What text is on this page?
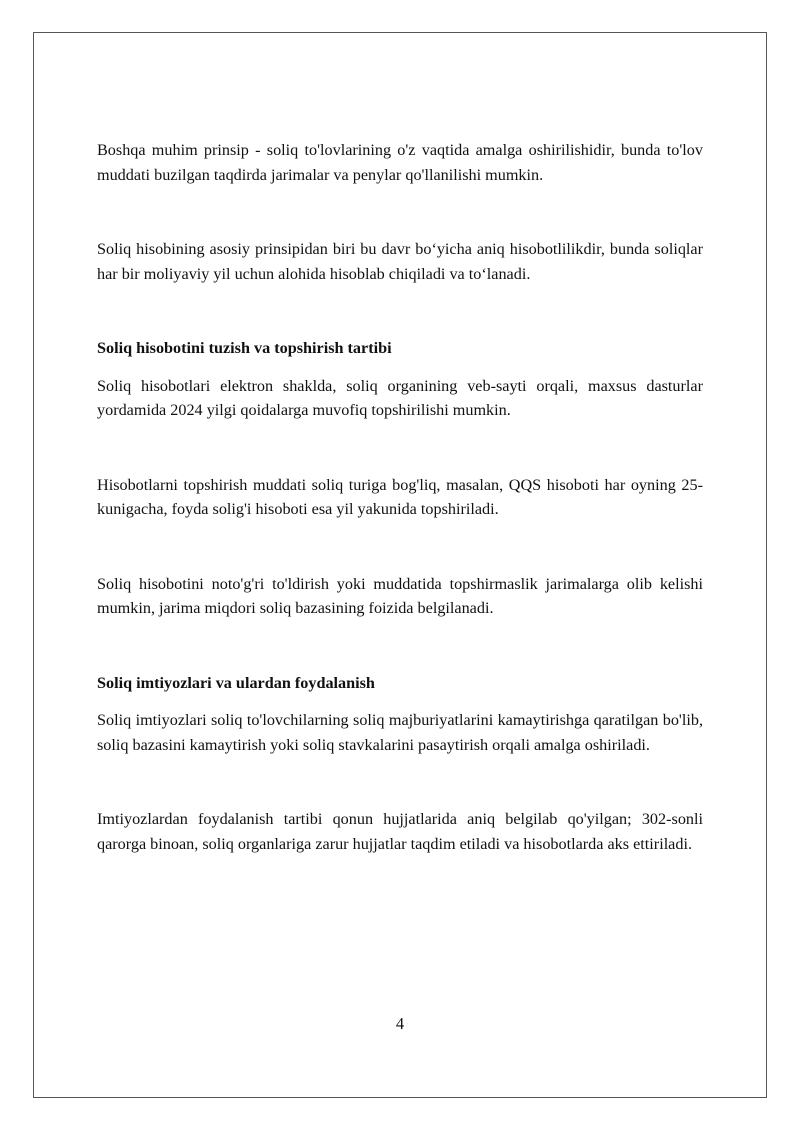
Boshqa muhim prinsip - soliq to'lovlarining o'z vaqtida amalga oshirilishidir, bunda to'lov muddati buzilgan taqdirda jarimalar va penylar qo'llanilishi mumkin.

Soliq hisobining asosiy prinsipidan biri bu davr bo‘yicha aniq hisobotlilikdir, bunda soliqlar har bir moliyaviy yil uchun alohida hisoblab chiqiladi va to‘lanadi.

Soliq hisobotini tuzish va topshirish tartibi

Soliq hisobotlari elektron shaklda, soliq organining veb-sayti orqali, maxsus dasturlar yordamida 2024 yilgi qoidalarga muvofiq topshirilishi mumkin.

Hisobotlarni topshirish muddati soliq turiga bog'liq, masalan, QQS hisoboti har oyning 25-kunigacha, foyda solig'i hisoboti esa yil yakunida topshiriladi.

Soliq hisobotini noto'g'ri to'ldirish yoki muddatida topshirmaslik jarimalarga olib kelishi mumkin, jarima miqdori soliq bazasining foizida belgilanadi.

Soliq imtiyozlari va ulardan foydalanish

Soliq imtiyozlari soliq to'lovchilarning soliq majburiyatlarini kamaytirishga qaratilgan bo'lib, soliq bazasini kamaytirish yoki soliq stavkalarini pasaytirish orqali amalga oshiriladi.

Imtiyozlardan foydalanish tartibi qonun hujjatlarida aniq belgilab qo'yilgan; 302-sonli qarorga binoan, soliq organlariga zarur hujjatlar taqdim etiladi va hisobotlarda aks ettiriladi.

4
